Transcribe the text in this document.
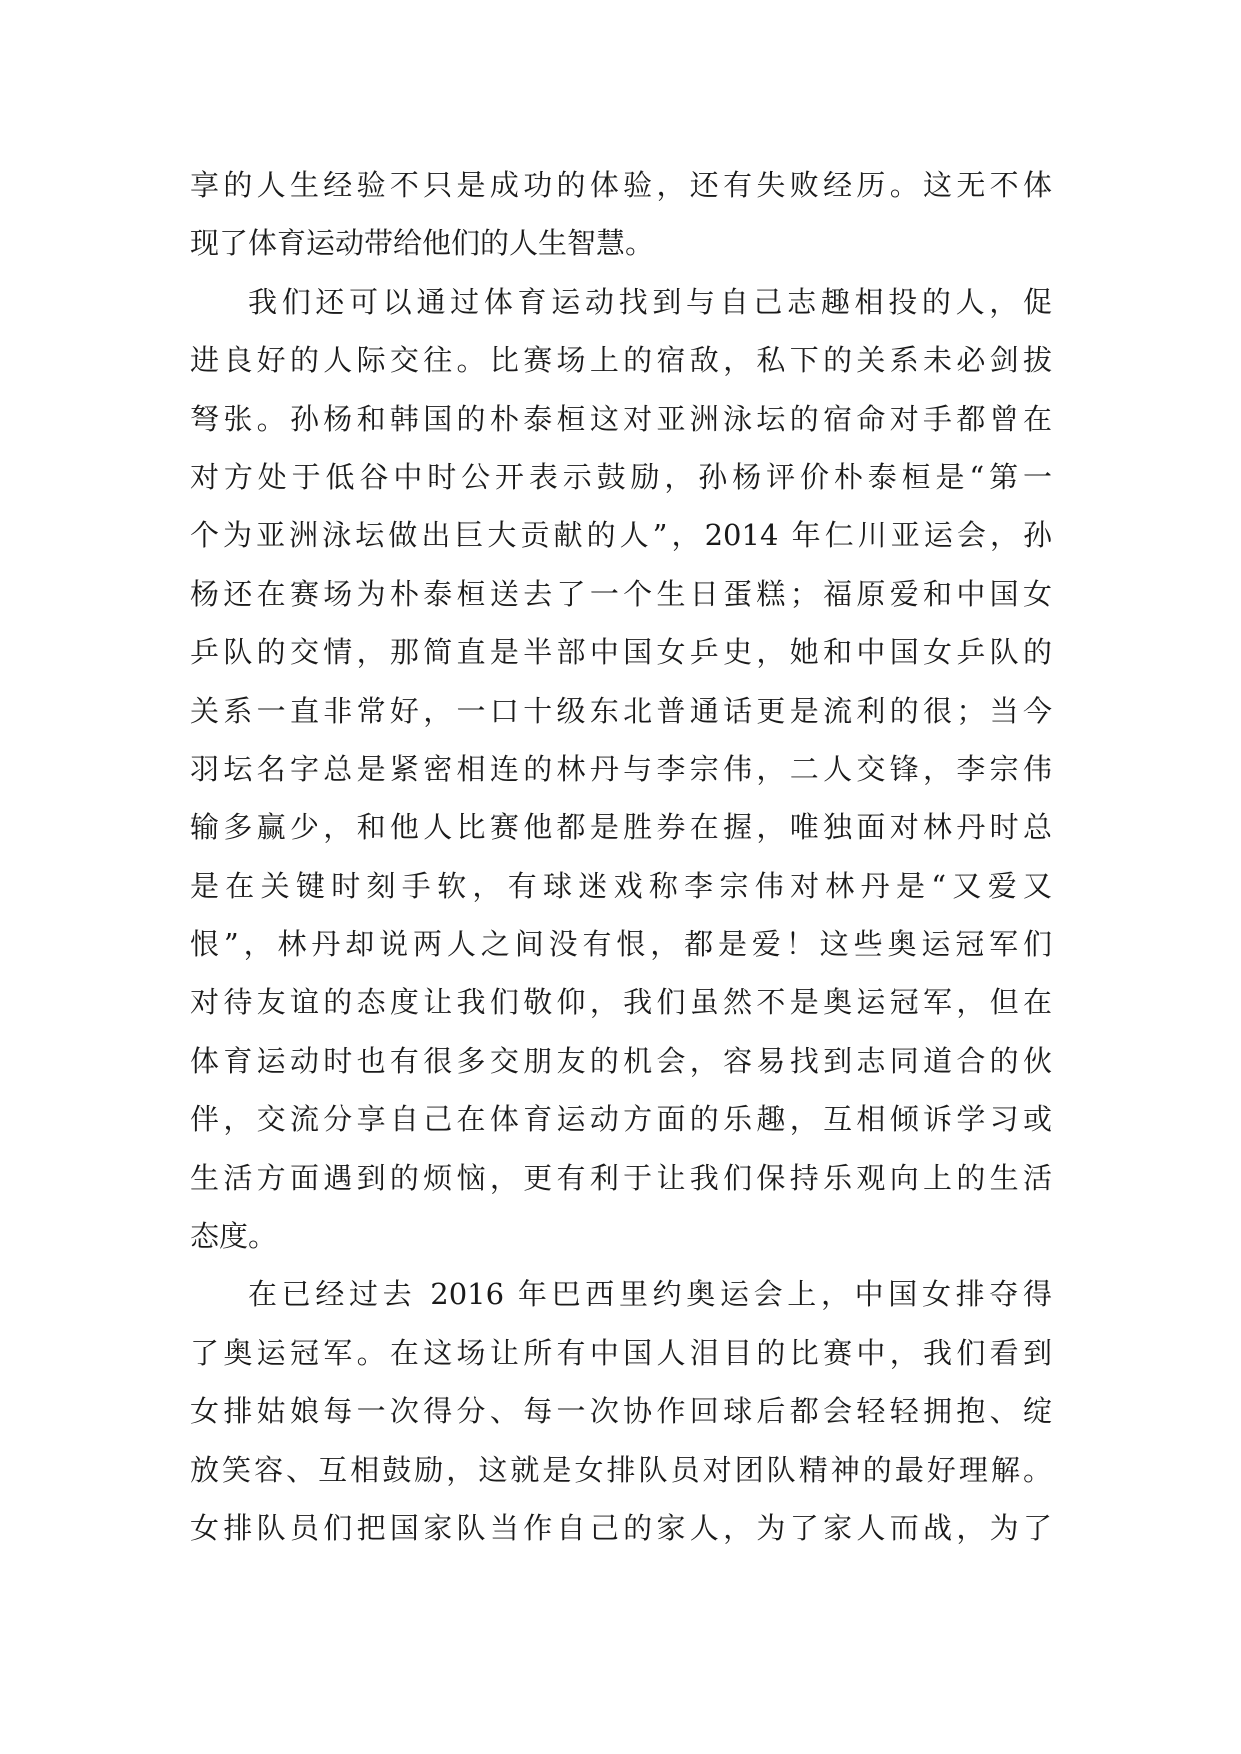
享的人生经验不只是成功的体验，还有失败经历。这无不体
现了体育运动带给他们的人生智慧。
我们还可以通过体育运动找到与自己志趣相投的人，促
进良好的人际交往。比赛场上的宿敌，私下的关系未必剑拔
弩张。孙杨和韩国的朴泰桓这对亚洲泳坛的宿命对手都曾在
对方处于低谷中时公开表示鼓励，孙杨评价朴泰桓是“第一
个为亚洲泳坛做出巨大贡献的人”，2014 年仁川亚运会，孙
杨还在赛场为朴泰桓送去了一个生日蛋糕；福原爱和中国女
乒队的交情，那简直是半部中国女乒史，她和中国女乒队的
关系一直非常好，一口十级东北普通话更是流利的很；当今
羽坛名字总是紧密相连的林丹与李宗伟，二人交锋，李宗伟
输多赢少，和他人比赛他都是胜券在握，唯独面对林丹时总
是在关键时刻手软，有球迷戏称李宗伟对林丹是“又爱又
恨”，林丹却说两人之间没有恨，都是爱！这些奥运冠军们
对待友谊的态度让我们敬仰，我们虽然不是奥运冠军，但在
体育运动时也有很多交朋友的机会，容易找到志同道合的伙
伴，交流分享自己在体育运动方面的乐趣，互相倾诉学习或
生活方面遇到的烦恼，更有利于让我们保持乐观向上的生活
态度。
在已经过去 2016 年巴西里约奥运会上，中国女排夺得
了奥运冠军。在这场让所有中国人泪目的比赛中，我们看到
女排姑娘每一次得分、每一次协作回球后都会轻轻拥抱、绽
放笑容、互相鼓励，这就是女排队员对团队精神的最好理解。
女排队员们把国家队当作自己的家人，为了家人而战，为了
